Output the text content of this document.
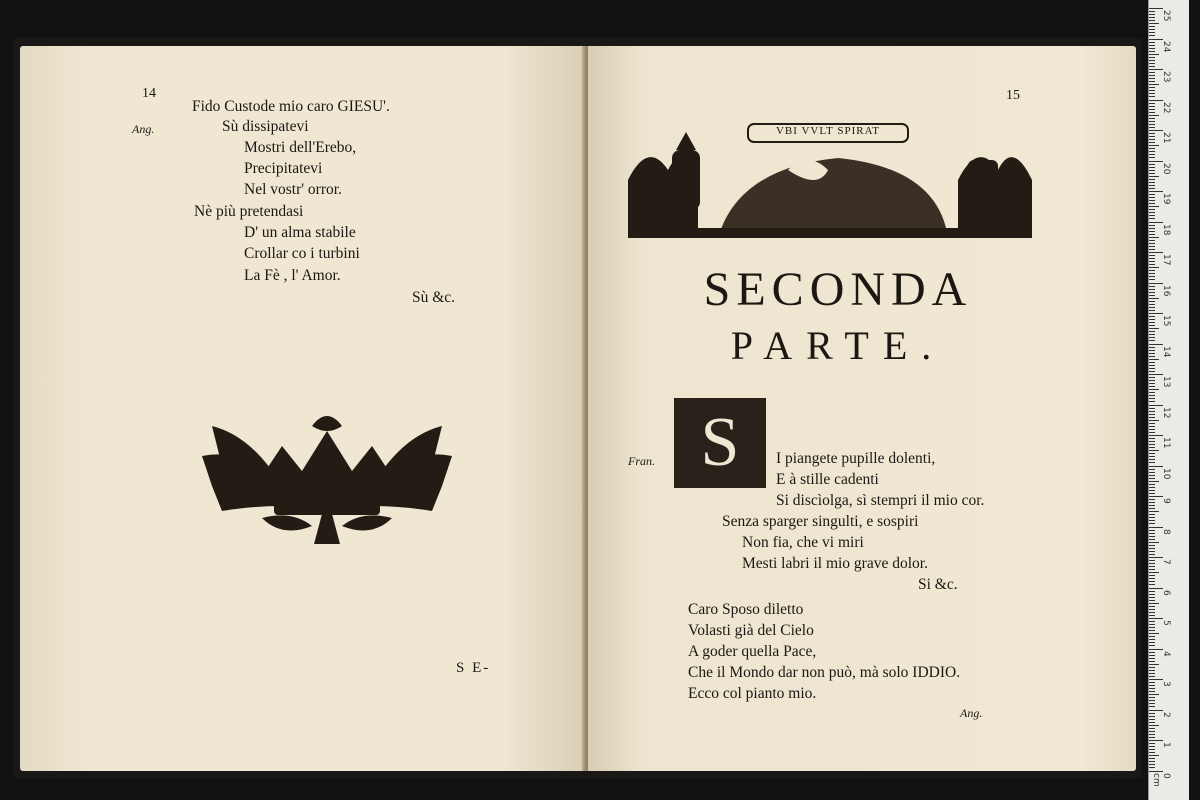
14
Fido Custode mio caro GIESU'.
Ang.	Sù dissipatevi
Mostri dell'Erebo,
Precipitatevi
Nel vostr' orror.
Nè più pretendasi
D' un alma stabile
Crollar co i turbini
La Fè , l' Amor.
Sù &c.
S E-
15
VBI VVLT SPIRAT
SECONDA
PARTE.
S
Fran.	I piangete pupille dolenti,
E à stille cadenti
Si discìolga, sì stempri il mio cor.
Senza sparger singulti, e sospiri
Non fia, che vi miri
Mesti labri il mio grave dolor.
Si &c.
Caro Sposo diletto
Volasti già del Cielo
A goder quella Pace,
Che il Mondo dar non può, mà solo IDDIO.
Ecco col pianto mio.
Ang.
25
24
23
22
21
20
19
18
17
16
15
14
13
12
11
10
9
8
7
6
5
4
3
2
1
0 cm
